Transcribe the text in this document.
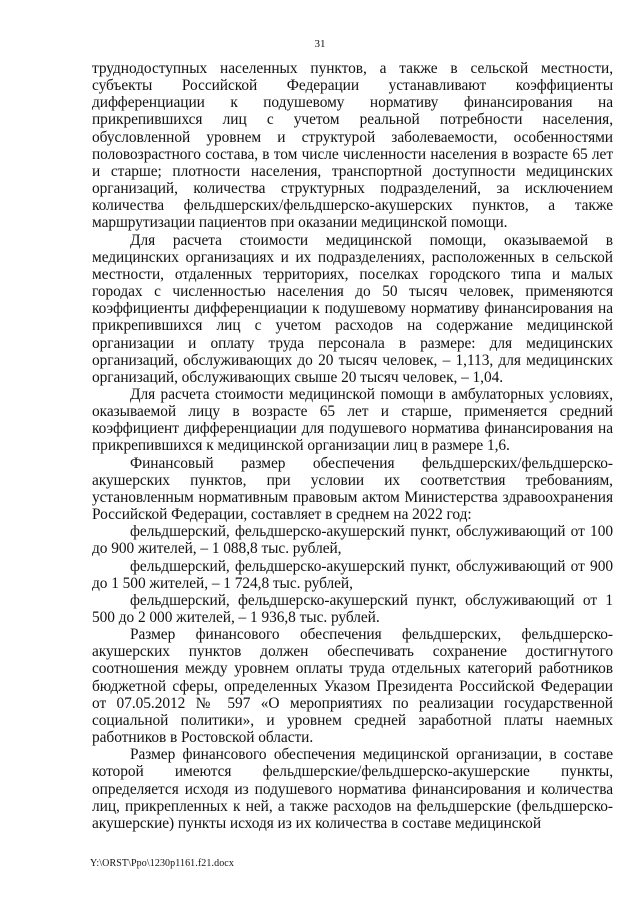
31

труднодоступных населенных пунктов, а также в сельской местности, субъекты Российской Федерации устанавливают коэффициенты дифференциации к подушевому нормативу финансирования на прикрепившихся лиц с учетом реальной потребности населения, обусловленной уровнем и структурой заболеваемости, особенностями половозрастного состава, в том числе численности населения в возрасте 65 лет и старше; плотности населения, транспортной доступности медицинских организаций, количества структурных подразделений, за исключением количества фельдшерских/фельдшерско-акушерских пунктов, а также маршрутизации пациентов при оказании медицинской помощи.

Для расчета стоимости медицинской помощи, оказываемой в медицинских организациях и их подразделениях, расположенных в сельской местности, отдаленных территориях, поселках городского типа и малых городах с численностью населения до 50 тысяч человек, применяются коэффициенты дифференциации к подушевому нормативу финансирования на прикрепившихся лиц с учетом расходов на содержание медицинской организации и оплату труда персонала в размере: для медицинских организаций, обслуживающих до 20 тысяч человек, – 1,113, для медицинских организаций, обслуживающих свыше 20 тысяч человек, – 1,04.

Для расчета стоимости медицинской помощи в амбулаторных условиях, оказываемой лицу в возрасте 65 лет и старше, применяется средний коэффициент дифференциации для подушевого норматива финансирования на прикрепившихся к медицинской организации лиц в размере 1,6.

Финансовый размер обеспечения фельдшерских/фельдшерско-акушерских пунктов, при условии их соответствия требованиям, установленным нормативным правовым актом Министерства здравоохранения Российской Федерации, составляет в среднем на 2022 год:

фельдшерский, фельдшерско-акушерский пункт, обслуживающий от 100 до 900 жителей, – 1 088,8 тыс. рублей,

фельдшерский, фельдшерско-акушерский пункт, обслуживающий от 900 до 1 500 жителей, – 1 724,8 тыс. рублей,

фельдшерский, фельдшерско-акушерский пункт, обслуживающий от 1 500 до 2 000 жителей, – 1 936,8 тыс. рублей.

Размер финансового обеспечения фельдшерских, фельдшерско-акушерских пунктов должен обеспечивать сохранение достигнутого соотношения между уровнем оплаты труда отдельных категорий работников бюджетной сферы, определенных Указом Президента Российской Федерации от 07.05.2012 № 597 «О мероприятиях по реализации государственной социальной политики», и уровнем средней заработной платы наемных работников в Ростовской области.

Размер финансового обеспечения медицинской организации, в составе которой имеются фельдшерские/фельдшерско-акушерские пункты, определяется исходя из подушевого норматива финансирования и количества лиц, прикрепленных к ней, а также расходов на фельдшерские (фельдшерско-акушерские) пункты исходя из их количества в составе медицинской

Y:\ORST\Ppo\1230p1161.f21.docx
